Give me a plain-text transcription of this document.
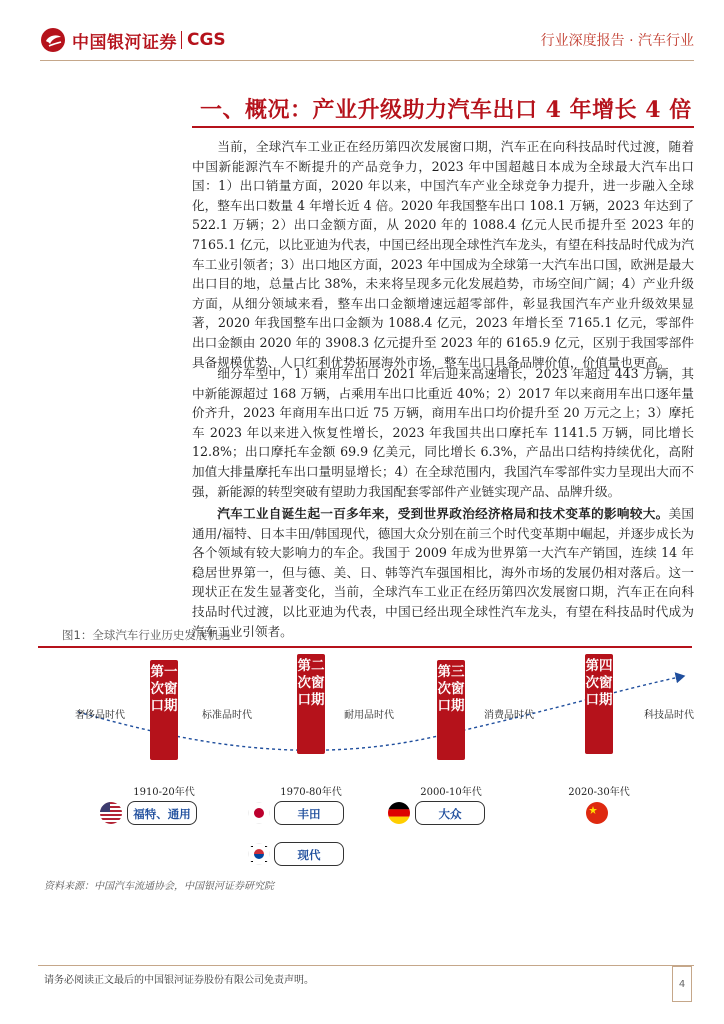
中国银河证券 CGS	行业深度报告 · 汽车行业
一、概况：产业升级助力汽车出口 4 年增长 4 倍
当前，全球汽车工业正在经历第四次发展窗口期，汽车正在向科技品时代过渡，随着中国新能源汽车不断提升的产品竞争力，2023 年中国超越日本成为全球最大汽车出口国：1）出口销量方面，2020 年以来，中国汽车产业全球竞争力提升，进一步融入全球化，整车出口数量 4 年增长近 4 倍。2020 年我国整车出口 108.1 万辆，2023 年达到了 522.1 万辆；2）出口金额方面，从 2020 年的 1088.4 亿元人民币提升至 2023 年的 7165.1 亿元，以比亚迪为代表，中国已经出现全球性汽车龙头，有望在科技品时代成为汽车工业引领者；3）出口地区方面，2023 年中国成为全球第一大汽车出口国，欧洲是最大出口目的地，总量占比 38%，未来将呈现多元化发展趋势，市场空间广阔；4）产业升级方面，从细分领域来看，整车出口金额增速远超零部件，彰显我国汽车产业升级效果显著，2020 年我国整车出口金额为 1088.4 亿元，2023 年增长至 7165.1 亿元，零部件出口金额由 2020 年的 3908.3 亿元提升至 2023 年的 6165.9 亿元，区别于我国零部件具备规模优势、人口红利优势拓展海外市场，整车出口具备品牌价值，价值量也更高。
细分车型中，1）乘用车出口 2021 年后迎来高速增长，2023 年超过 443 万辆，其中新能源超过 168 万辆，占乘用车出口比重近 40%；2）2017 年以来商用车出口逐年量价齐升，2023 年商用车出口近 75 万辆，商用车出口均价提升至 20 万元之上；3）摩托车 2023 年以来进入恢复性增长，2023 年我国共出口摩托车 1141.5 万辆，同比增长 12.8%；出口摩托车金额 69.9 亿美元，同比增长 6.3%，产品出口结构持续优化，高附加值大排量摩托车出口量明显增长；4）在全球范围内，我国汽车零部件实力呈现出大而不强，新能源的转型突破有望助力我国配套零部件产业链实现产品、品牌升级。
汽车工业自诞生起一百多年来，受到世界政治经济格局和技术变革的影响较大。美国通用/福特、日本丰田/韩国现代，德国大众分别在前三个时代变革期中崛起，并逐步成长为各个领域有较大影响力的车企。我国于 2009 年成为世界第一大汽车产销国，连续 14 年稳居世界第一，但与德、美、日、韩等汽车强国相比，海外市场的发展仍相对落后。这一现状正在发生显著变化，当前，全球汽车工业正在经历第四次发展窗口期，汽车正在向科技品时代过渡，以比亚迪为代表，中国已经出现全球性汽车龙头，有望在科技品时代成为汽车工业引领者。
图1：全球汽车行业历史发展机遇
奢侈品时代	标准品时代	耐用品时代	消费品时代	科技品时代
第一次窗口期
第二次窗口期
第三次窗口期
第四次窗口期
1910-20年代	1970-80年代	2000-10年代	2020-30年代
福特、通用	丰田
现代
大众
资料来源：中国汽车流通协会，中国银河证券研究院
请务必阅读正文最后的中国银河证券股份有限公司免责声明。	4
